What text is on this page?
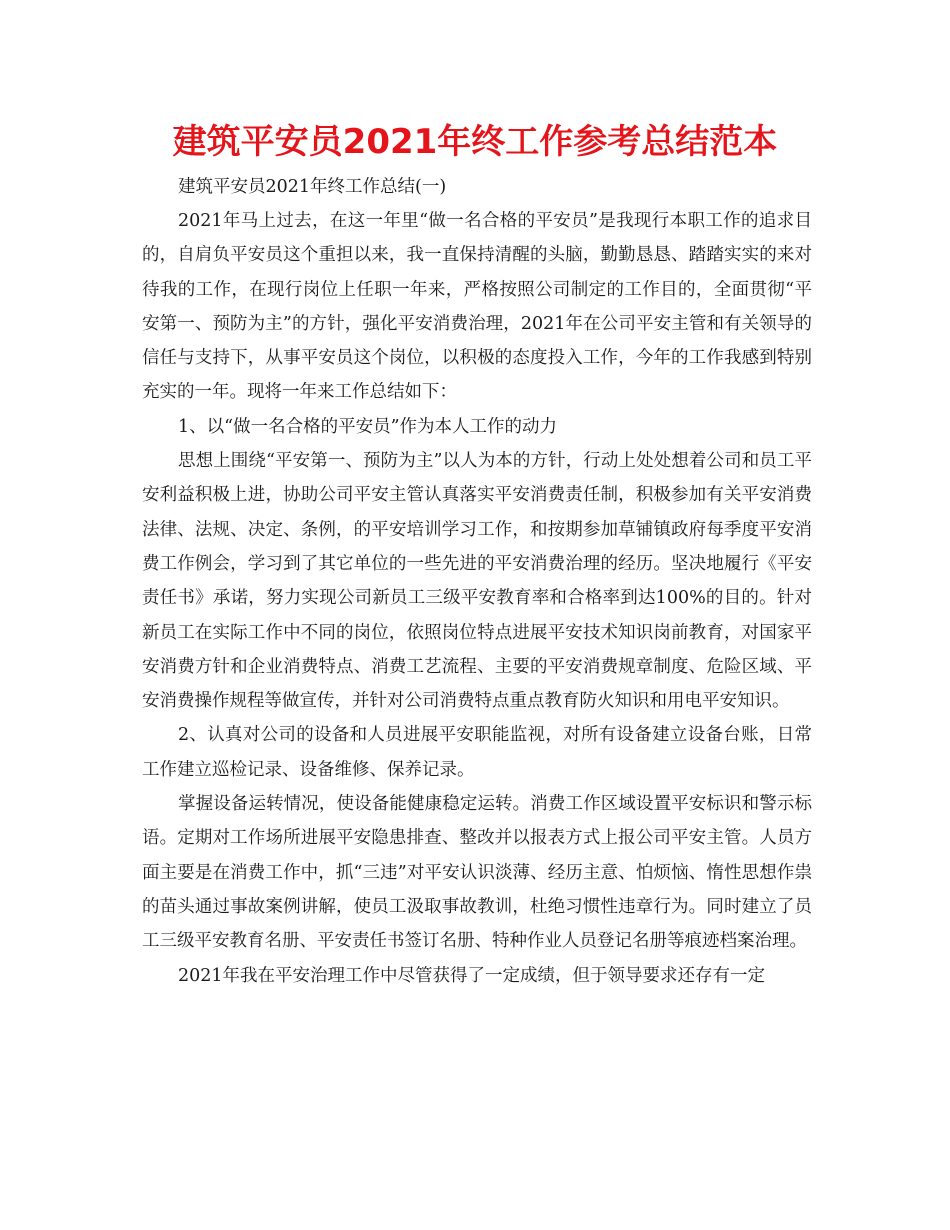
建筑平安员2021年终工作参考总结范本

建筑平安员2021年终工作总结(一)

2021年马上过去，在这一年里“做一名合格的平安员”是我现行本职工作的追求目的，自肩负平安员这个重担以来，我一直保持清醒的头脑，勤勤恳恳、踏踏实实的来对待我的工作，在现行岗位上任职一年来，严格按照公司制定的工作目的，全面贯彻“平安第一、预防为主”的方针，强化平安消费治理，2021年在公司平安主管和有关领导的信任与支持下，从事平安员这个岗位，以积极的态度投入工作，今年的工作我感到特别充实的一年。现将一年来工作总结如下：

1、以“做一名合格的平安员”作为本人工作的动力

思想上围绕“平安第一、预防为主”以人为本的方针，行动上处处想着公司和员工平安利益积极上进，协助公司平安主管认真落实平安消费责任制，积极参加有关平安消费法律、法规、决定、条例，的平安培训学习工作，和按期参加草铺镇政府每季度平安消费工作例会，学习到了其它单位的一些先进的平安消费治理的经历。坚决地履行《平安责任书》承诺，努力实现公司新员工三级平安教育率和合格率到达100%的目的。针对新员工在实际工作中不同的岗位，依照岗位特点进展平安技术知识岗前教育，对国家平安消费方针和企业消费特点、消费工艺流程、主要的平安消费规章制度、危险区域、平安消费操作规程等做宣传，并针对公司消费特点重点教育防火知识和用电平安知识。

2、认真对公司的设备和人员进展平安职能监视，对所有设备建立设备台账，日常工作建立巡检记录、设备维修、保养记录。

掌握设备运转情况，使设备能健康稳定运转。消费工作区域设置平安标识和警示标语。定期对工作场所进展平安隐患排查、整改并以报表方式上报公司平安主管。人员方面主要是在消费工作中，抓“三违”对平安认识淡薄、经历主意、怕烦恼、惰性思想作祟的苗头通过事故案例讲解，使员工汲取事故教训，杜绝习惯性违章行为。同时建立了员工三级平安教育名册、平安责任书签订名册、特种作业人员登记名册等痕迹档案治理。

2021年我在平安治理工作中尽管获得了一定成绩，但于领导要求还存有一定
